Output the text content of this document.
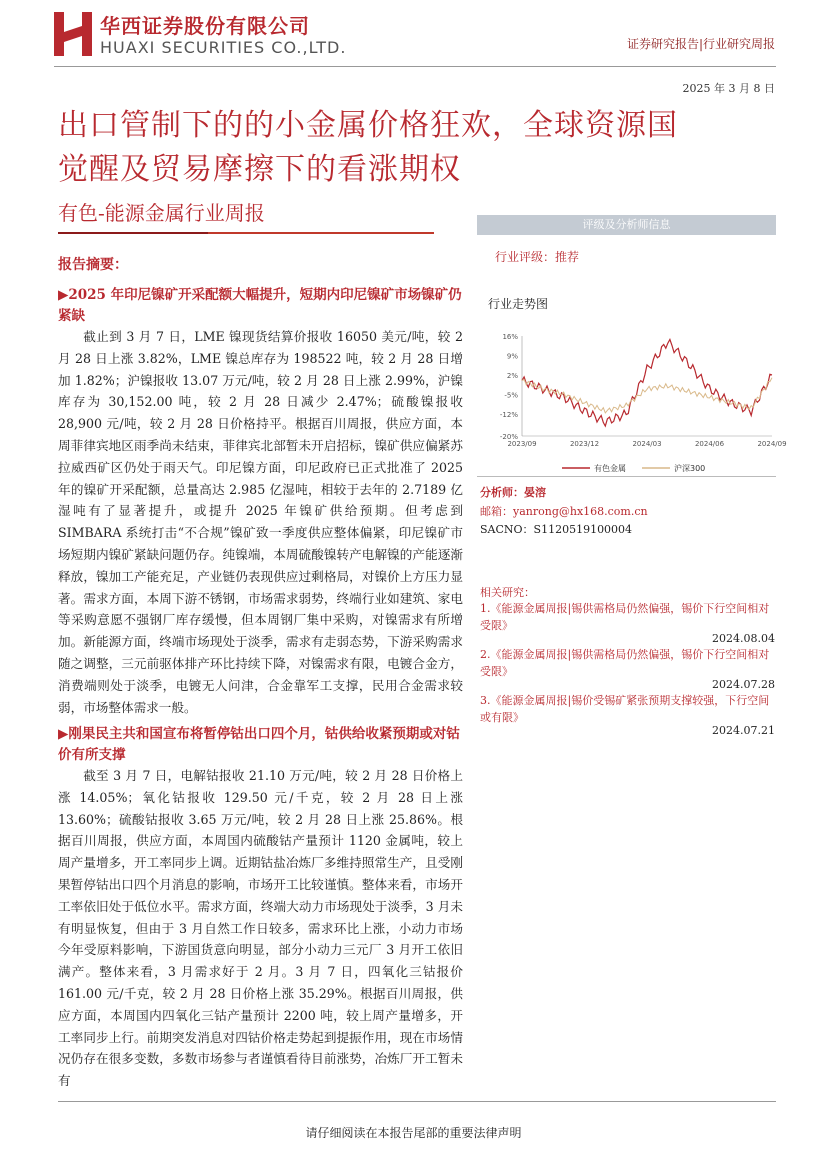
华西证券股份有限公司
HUAXI SECURITIES CO.,LTD.	证券研究报告|行业研究周报
2025 年 3 月 8 日
出口管制下的的小金属价格狂欢，全球资源国
觉醒及贸易摩擦下的看涨期权
有色-能源金属行业周报
报告摘要：
▶2025 年印尼镍矿开采配额大幅提升，短期内印尼镍矿市场镍矿仍紧缺
截止到 3 月 7 日，LME 镍现货结算价报收 16050 美元/吨，较 2 月 28 日上涨 3.82%，LME 镍总库存为 198522 吨，较 2 月 28 日增加 1.82%；沪镍报收 13.07 万元/吨，较 2 月 28 日上涨 2.99%，沪镍库存为 30,152.00 吨，较 2 月 28 日减少 2.47%；硫酸镍报收 28,900 元/吨，较 2 月 28 日价格持平。根据百川周报，供应方面，本周菲律宾地区雨季尚未结束，菲律宾北部暂未开启招标，镍矿供应偏紧苏拉威西矿区仍处于雨天气。印尼镍方面，印尼政府已正式批准了 2025 年的镍矿开采配额，总量高达 2.985 亿湿吨，相较于去年的 2.7189 亿湿吨有了显著提升，或提升 2025 年镍矿供给预期。但考虑到 SIMBARA 系统打击“不合规”镍矿致一季度供应整体偏紧，印尼镍矿市场短期内镍矿紧缺问题仍存。纯镍端，本周硫酸镍转产电解镍的产能逐渐释放，镍加工产能充足，产业链仍表现供应过剩格局，对镍价上方压力显著。需求方面，本周下游不锈钢，市场需求弱势，终端行业如建筑、家电等采购意愿不强钢厂库存缓慢，但本周钢厂集中采购，对镍需求有所增加。新能源方面，终端市场现处于淡季，需求有走弱态势，下游采购需求随之调整，三元前驱体排产环比持续下降，对镍需求有限，电镀合金方，消费端则处于淡季，电镀无人问津，合金靠军工支撑，民用合金需求较弱，市场整体需求一般。
▶刚果民主共和国宣布将暂停钴出口四个月，钴供给收紧预期或对钴价有所支撑
截至 3 月 7 日，电解钴报收 21.10 万元/吨，较 2 月 28 日价格上涨 14.05%；氧化钴报收 129.50 元/千克，较 2 月 28 日上涨 13.60%；硫酸钴报收 3.65 万元/吨，较 2 月 28 日上涨 25.86%。根据百川周报，供应方面，本周国内硫酸钴产量预计 1120 金属吨，较上周产量增多，开工率同步上调。近期钴盐冶炼厂多维持照常生产，且受刚果暂停钴出口四个月消息的影响，市场开工比较谨慎。整体来看，市场开工率依旧处于低位水平。需求方面，终端大动力市场现处于淡季，3 月未有明显恢复，但由于 3 月自然工作日较多，需求环比上涨，小动力市场今年受原料影响，下游国货意向明显，部分小动力三元厂 3 月开工依旧满产。整体来看，3 月需求好于 2 月。3 月 7 日，四氧化三钴报价 161.00 元/千克，较 2 月 28 日价格上涨 35.29%。根据百川周报，供应方面，本周国内四氧化三钴产量预计 2200 吨，较上周产量增多，开工率同步上行。前期突发消息对四钴价格走势起到提振作用，现在市场情况仍存在很多变数，多数市场参与者谨慎看待目前涨势，冶炼厂开工暂未有
请仔细阅读在本报告尾部的重要法律声明
评级及分析师信息
行业评级：推荐
行业走势图
16%
9%
2%
-5%
-12%
-20%
2023/09	2023/12	2024/03	2024/06	2024/09
有色金属	沪深300
分析师：晏溶
邮箱：yanrong@hx168.com.cn
SACNO：S1120519100004
相关研究：
1.《能源金属周报|锡供需格局仍然偏强，锡价下行空间相对受限》
2024.08.04
2.《能源金属周报|锡供需格局仍然偏强，锡价下行空间相对受限》
2024.07.28
3.《能源金属周报|锡价受锡矿紧张预期支撑较强，下行空间或有限》
2024.07.21
